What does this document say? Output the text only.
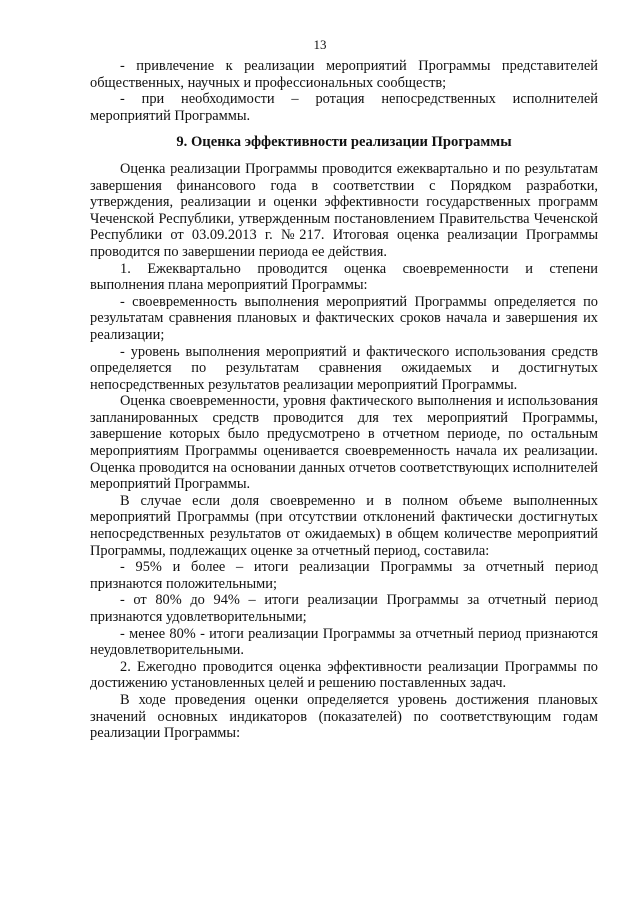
13

- привлечение к реализации мероприятий Программы представителей общественных, научных и профессиональных сообществ;

- при необходимости – ротация непосредственных исполнителей мероприятий Программы.

9. Оценка эффективности реализации Программы

Оценка реализации Программы проводится ежеквартально и по результатам завершения финансового года в соответствии с Порядком разработки, утверждения, реализации и оценки эффективности государственных программ Чеченской Республики, утвержденным постановлением Правительства Чеченской Республики от 03.09.2013 г. №217. Итоговая оценка реализации Программы проводится по завершении периода ее действия.

1. Ежеквартально проводится оценка своевременности и степени выполнения плана мероприятий Программы:

- своевременность выполнения мероприятий Программы определяется по результатам сравнения плановых и фактических сроков начала и завершения их реализации;

- уровень выполнения мероприятий и фактического использования средств определяется по результатам сравнения ожидаемых и достигнутых непосредственных результатов реализации мероприятий Программы.

Оценка своевременности, уровня фактического выполнения и использования запланированных средств проводится для тех мероприятий Программы, завершение которых было предусмотрено в отчетном периоде, по остальным мероприятиям Программы оценивается своевременность начала их реализации. Оценка проводится на основании данных отчетов соответствующих исполнителей мероприятий Программы.

В случае если доля своевременно и в полном объеме выполненных мероприятий Программы (при отсутствии отклонений фактически достигнутых непосредственных результатов от ожидаемых) в общем количестве мероприятий Программы, подлежащих оценке за отчетный период, составила:

- 95% и более – итоги реализации Программы за отчетный период признаются положительными;

- от 80% до 94% – итоги реализации Программы за отчетный период признаются удовлетворительными;

- менее 80% - итоги реализации Программы за отчетный период признаются неудовлетворительными.

2. Ежегодно проводится оценка эффективности реализации Программы по достижению установленных целей и решению поставленных задач.

В ходе проведения оценки определяется уровень достижения плановых значений основных индикаторов (показателей) по соответствующим годам реализации Программы:
